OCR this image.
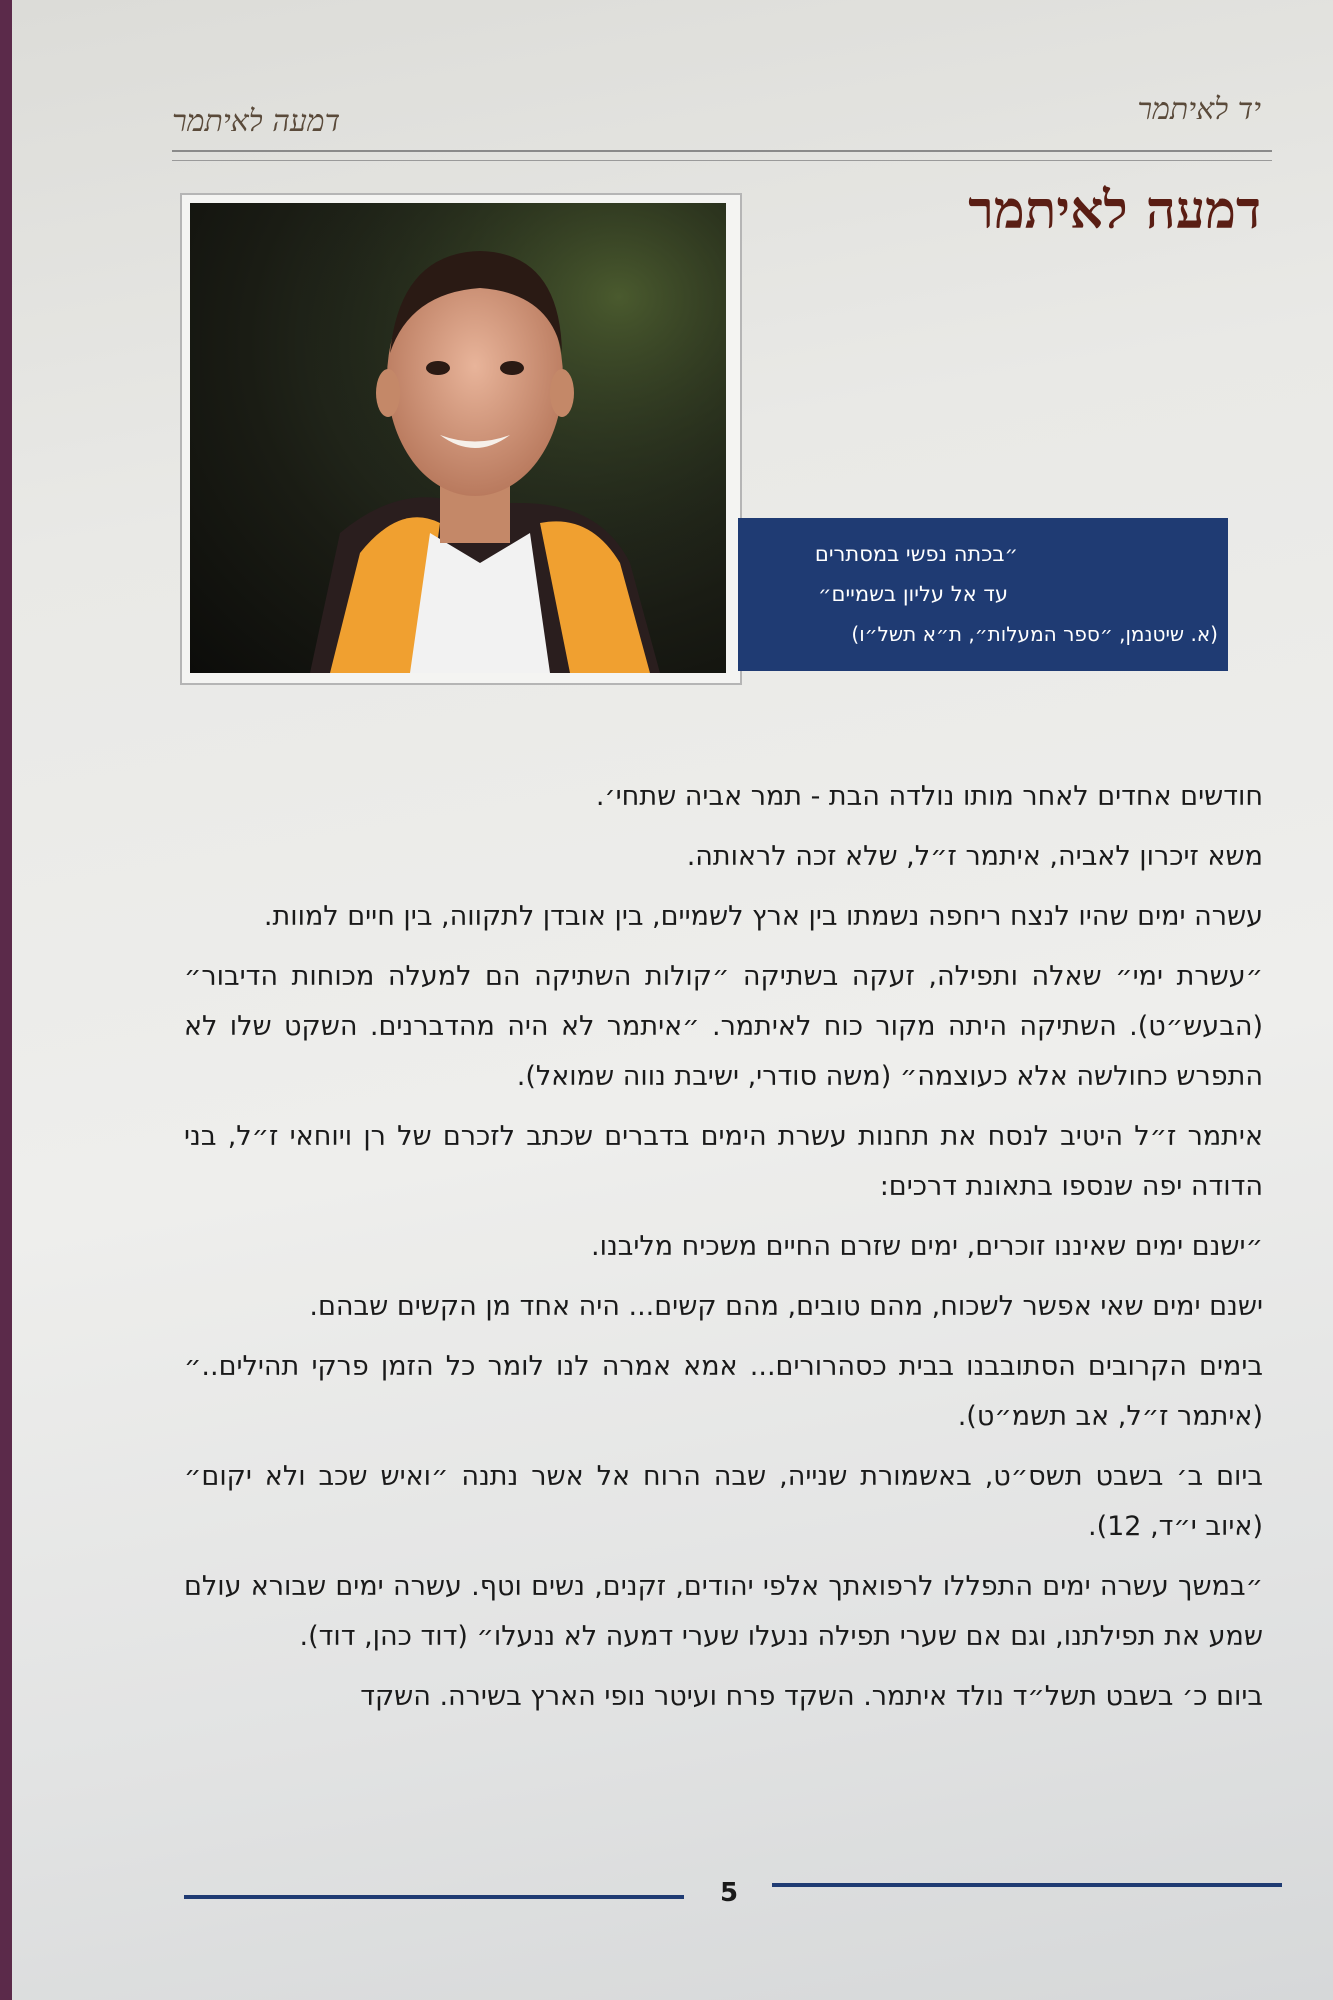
יד לאיתמר
דמעה לאיתמר
דמעה לאיתמר
״בכתה נפשי במסתרים
עד אל עליון בשמיים״
(א. שיטנמן, ״ספר המעלות״, ת״א תשל״ו)

חודשים אחדים לאחר מותו נולדה הבת - תמר אביה שתחי׳.

משא זיכרון לאביה, איתמר ז״ל, שלא זכה לראותה.

עשרה ימים שהיו לנצח ריחפה נשמתו בין ארץ לשמיים, בין אובדן לתקווה, בין חיים למוות.

״עשרת ימי״ שאלה ותפילה, זעקה בשתיקה ״קולות השתיקה הם למעלה מכוחות הדיבור״ (הבעש״ט). השתיקה היתה מקור כוח לאיתמר. ״איתמר לא היה מהדברנים. השקט שלו לא התפרש כחולשה אלא כעוצמה״ (משה סודרי, ישיבת נווה שמואל).

איתמר ז״ל היטיב לנסח את תחנות עשרת הימים בדברים שכתב לזכרם של רן ויוחאי ז״ל, בני הדודה יפה שנספו בתאונת דרכים:

״ישנם ימים שאיננו זוכרים, ימים שזרם החיים משכיח מליבנו.

ישנם ימים שאי אפשר לשכוח, מהם טובים, מהם קשים... היה אחד מן הקשים שבהם.

בימים הקרובים הסתובבנו בבית כסהרורים... אמא אמרה לנו לומר כל הזמן פרקי תהילים..״ (איתמר ז״ל, אב תשמ״ט).

ביום ב׳ בשבט תשס״ט, באשמורת שנייה, שבה הרוח אל אשר נתנה ״ואיש שכב ולא יקום״ (איוב י״ד, 12).

״במשך עשרה ימים התפללו לרפואתך אלפי יהודים, זקנים, נשים וטף. עשרה ימים שבורא עולם שמע את תפילתנו, וגם אם שערי תפילה ננעלו שערי דמעה לא ננעלו״ (דוד כהן, דוד).

ביום כ׳ בשבט תשל״ד נולד איתמר. השקד פרח ועיטר נופי הארץ בשירה. השקד

5
